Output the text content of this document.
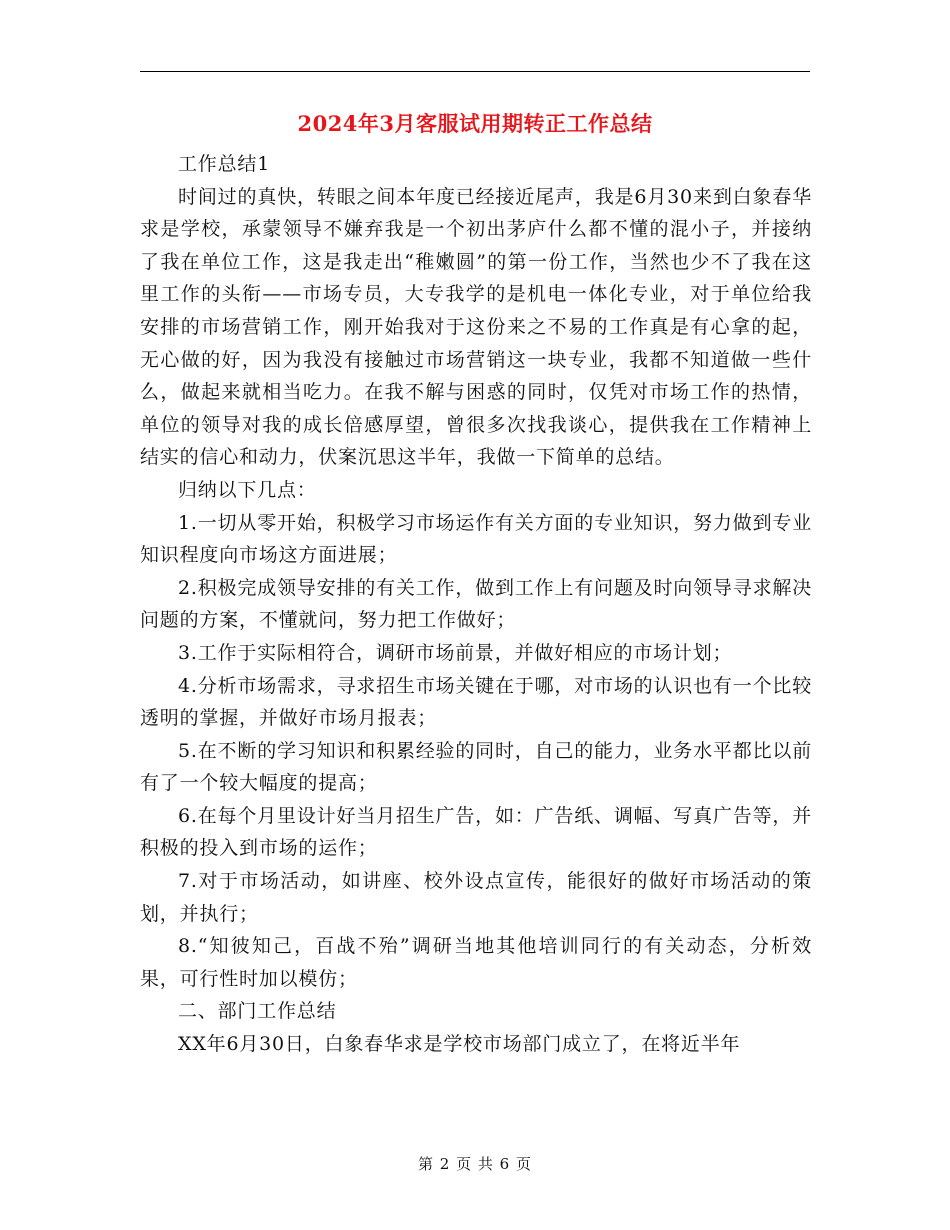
2024年3月客服试用期转正工作总结

工作总结1

时间过的真快，转眼之间本年度已经接近尾声，我是6月30来到白象春华求是学校，承蒙领导不嫌弃我是一个初出茅庐什么都不懂的混小子，并接纳了我在单位工作，这是我走出“稚嫩圆”的第一份工作，当然也少不了我在这里工作的头衔——市场专员，大专我学的是机电一体化专业，对于单位给我安排的市场营销工作，刚开始我对于这份来之不易的工作真是有心拿的起，无心做的好，因为我没有接触过市场营销这一块专业，我都不知道做一些什么，做起来就相当吃力。在我不解与困惑的同时，仅凭对市场工作的热情，单位的领导对我的成长倍感厚望，曾很多次找我谈心，提供我在工作精神上结实的信心和动力，伏案沉思这半年，我做一下简单的总结。

归纳以下几点：

1.一切从零开始，积极学习市场运作有关方面的专业知识，努力做到专业知识程度向市场这方面进展；

2.积极完成领导安排的有关工作，做到工作上有问题及时向领导寻求解决问题的方案，不懂就问，努力把工作做好；

3.工作于实际相符合，调研市场前景，并做好相应的市场计划；

4.分析市场需求，寻求招生市场关键在于哪，对市场的认识也有一个比较透明的掌握，并做好市场月报表；

5.在不断的学习知识和积累经验的同时，自己的能力，业务水平都比以前有了一个较大幅度的提高；

6.在每个月里设计好当月招生广告，如：广告纸、调幅、写真广告等，并积极的投入到市场的运作；

7.对于市场活动，如讲座、校外设点宣传，能很好的做好市场活动的策划，并执行；

8.“知彼知己，百战不殆”调研当地其他培训同行的有关动态，分析效果，可行性时加以模仿；

二、部门工作总结

XX年6月30日，白象春华求是学校市场部门成立了，在将近半年

第 2 页 共 6 页
